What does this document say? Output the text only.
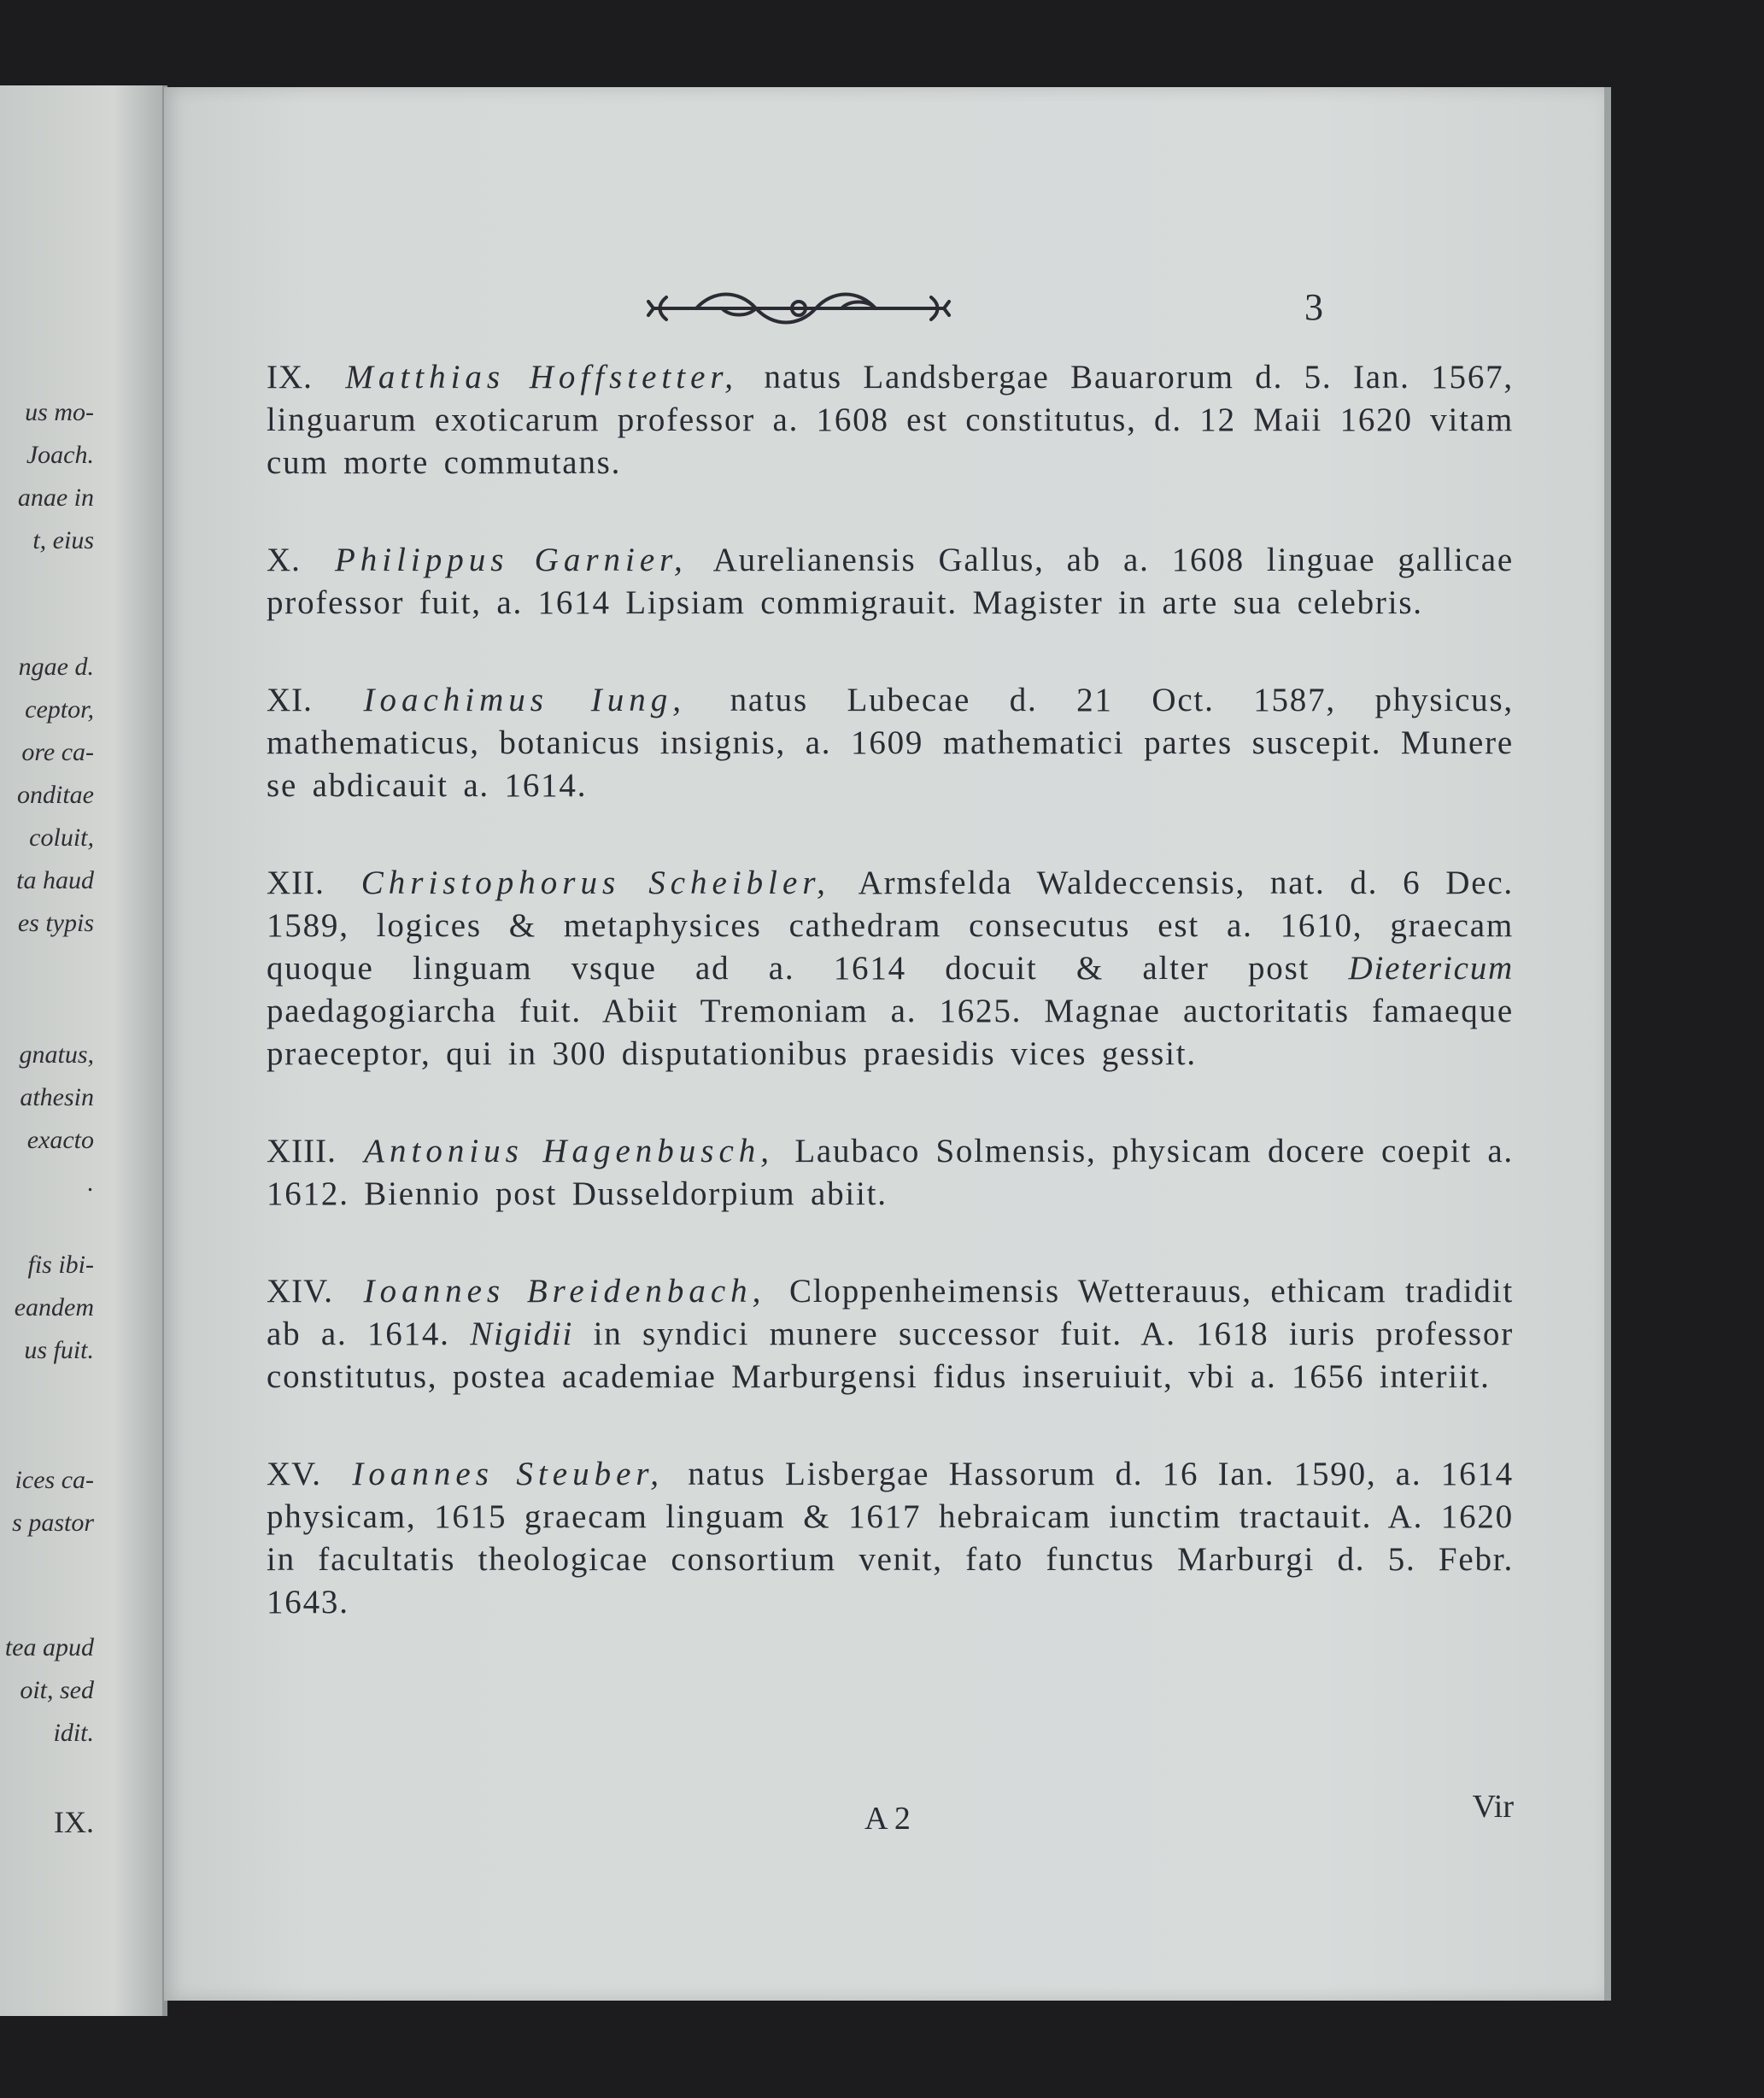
us mo-
Joach.
anae in
t, eius
ngae d.
ceptor,
ore ca-
onditae
coluit,
ta haud
es typis
gnatus,
athesin
exacto
.
fis ibi-
eandem
us fuit.
ices ca-
s pastor
tea apud
oit, sed
idit.
IX.
3
IX. Matthias Hoffstetter, natus Landsbergae Bauarorum d. 5. Ian. 1567, linguarum exoticarum professor a. 1608 est constitutus, d. 12 Maii 1620 vitam cum morte commutans.
X. Philippus Garnier, Aurelianensis Gallus, ab a. 1608 linguae gallicae professor fuit, a. 1614 Lipsiam commigrauit. Magister in arte sua celebris.
XI. Ioachimus Iung, natus Lubecae d. 21 Oct. 1587, physicus, mathematicus, botanicus insignis, a. 1609 mathematici partes suscepit. Munere se abdicauit a. 1614.
XII. Christophorus Scheibler, Armsfelda Waldeccensis, nat. d. 6 Dec. 1589, logices & metaphysices cathedram consecutus est a. 1610, graecam quoque linguam vsque ad a. 1614 docuit & alter post Dietericum paedagogiarcha fuit. Abiit Tremoniam a. 1625. Magnae auctoritatis famaeque praeceptor, qui in 300 disputationibus praesidis vices gessit.
XIII. Antonius Hagenbusch, Laubaco Solmensis, physicam docere coepit a. 1612. Biennio post Dusseldorpium abiit.
XIV. Ioannes Breidenbach, Cloppenheimensis Wetterauus, ethicam tradidit ab a. 1614. Nigidii in syndici munere successor fuit. A. 1618 iuris professor constitutus, postea academiae Marburgensi fidus inseruiuit, vbi a. 1656 interiit.
XV. Ioannes Steuber, natus Lisbergae Hassorum d. 16 Ian. 1590, a. 1614 physicam, 1615 graecam linguam & 1617 hebraicam iunctim tractauit. A. 1620 in facultatis theologicae consortium venit, fato functus Marburgi d. 5. Febr. 1643.
A 2	Vir
